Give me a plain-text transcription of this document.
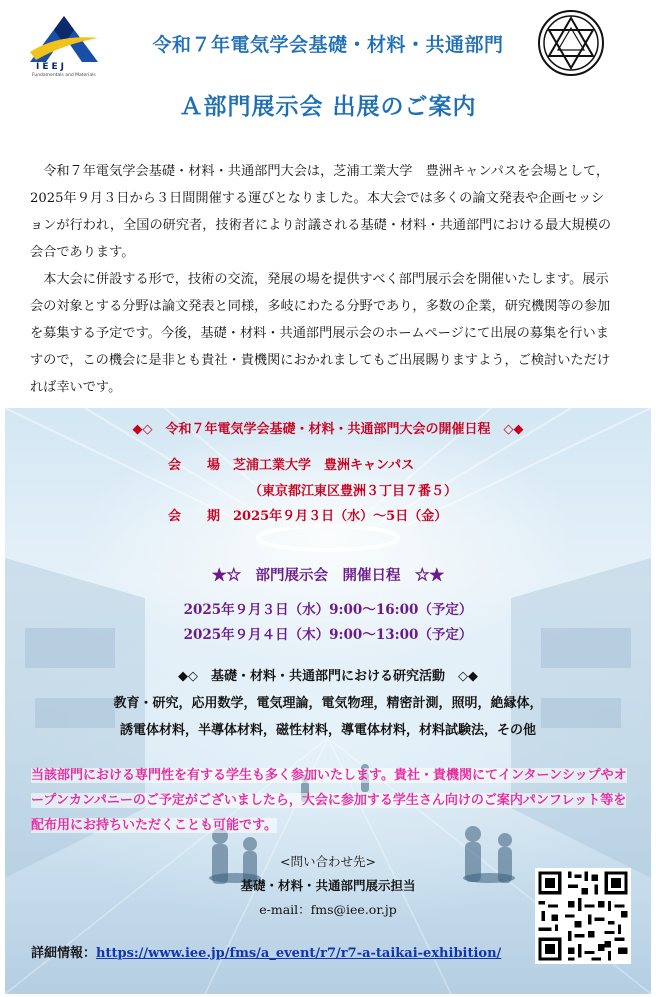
IEEJ
Fundamentals and Materials
令和７年電気学会基礎・材料・共通部門
Ａ部門展示会 出展のご案内

令和７年電気学会基礎・材料・共通部門大会は，芝浦工業大学　豊洲キャンパスを会場として，2025年９月３日から３日間開催する運びとなりました。本大会では多くの論文発表や企画セッションが行われ，全国の研究者，技術者により討議される基礎・材料・共通部門における最大規模の会合であります。

本大会に併設する形で，技術の交流，発展の場を提供すべく部門展示会を開催いたします。展示会の対象とする分野は論文発表と同様，多岐にわたる分野であり，多数の企業，研究機関等の参加を募集する予定です。今後，基礎・材料・共通部門展示会のホームページにて出展の募集を行いますので，この機会に是非とも貴社・貴機関におかれましてもご出展賜りますよう，ご検討いただければ幸いです。

◆◇　令和７年電気学会基礎・材料・共通部門大会の開催日程　◇◆
会　　場　芝浦工業大学　豊洲キャンパス
（東京都江東区豊洲３丁目７番５）
会　　期　2025年９月３日（水）～5日（金）
★☆　部門展示会　開催日程　☆★
2025年９月３日（水）9:00～16:00（予定）
2025年９月４日（木）9:00～13:00（予定）
◆◇　基礎・材料・共通部門における研究活動　◇◆
教育・研究，応用数学，電気理論，電気物理，精密計測，照明，絶縁体，
誘電体材料，半導体材料，磁性材料，導電体材料，材料試験法，その他
当該部門における専門性を有する学生も多く参加いたします。貴社・貴機関にてインターンシップやオープンカンパニーのご予定がございましたら，大会に参加する学生さん向けのご案内パンフレット等を配布用にお持ちいただくことも可能です。
<問い合わせ先>
基礎・材料・共通部門展示担当
e-mail：fms@iee.or.jp
詳細情報：https://www.iee.jp/fms/a_event/r7/r7-a-taikai-exhibition/
